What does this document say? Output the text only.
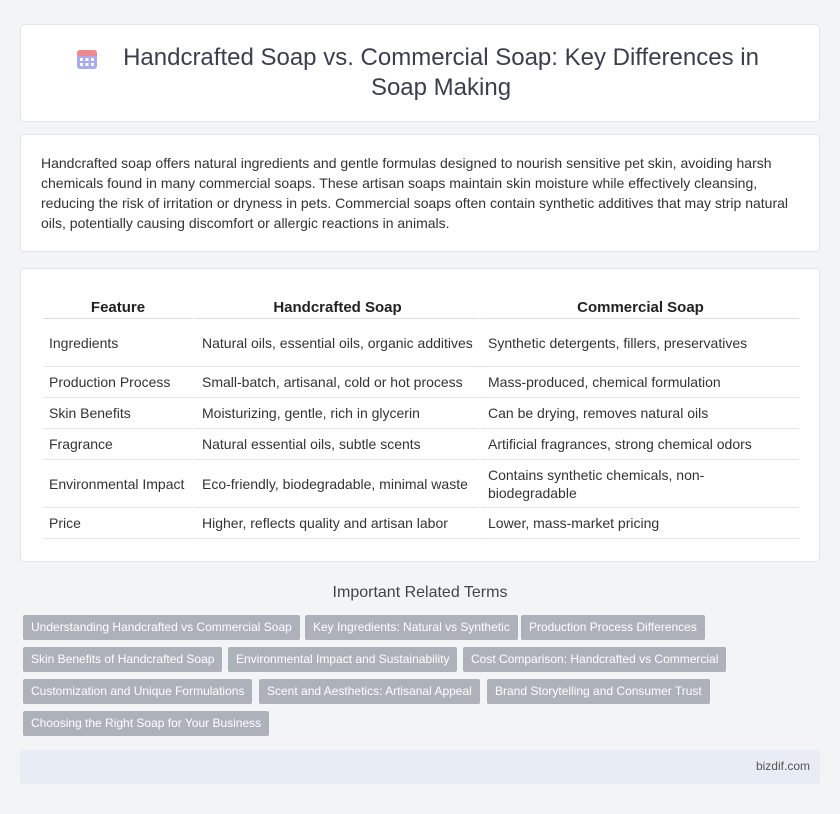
Handcrafted Soap vs. Commercial Soap: Key Differences in Soap Making

Handcrafted soap offers natural ingredients and gentle formulas designed to nourish sensitive pet skin, avoiding harsh chemicals found in many commercial soaps. These artisan soaps maintain skin moisture while effectively cleansing, reducing the risk of irritation or dryness in pets. Commercial soaps often contain synthetic additives that may strip natural oils, potentially causing discomfort or allergic reactions in animals.

Feature	Handcrafted Soap	Commercial Soap
Ingredients	Natural oils, essential oils, organic additives	Synthetic detergents, fillers, preservatives
Production Process	Small-batch, artisanal, cold or hot process	Mass-produced, chemical formulation
Skin Benefits	Moisturizing, gentle, rich in glycerin	Can be drying, removes natural oils
Fragrance	Natural essential oils, subtle scents	Artificial fragrances, strong chemical odors
Environmental Impact	Eco-friendly, biodegradable, minimal waste	Contains synthetic chemicals, non-biodegradable
Price	Higher, reflects quality and artisan labor	Lower, mass-market pricing
Important Related Terms
Understanding Handcrafted vs Commercial Soap	Key Ingredients: Natural vs Synthetic	Production Process Differences
Skin Benefits of Handcrafted Soap	Environmental Impact and Sustainability	Cost Comparison: Handcrafted vs Commercial
Customization and Unique Formulations	Scent and Aesthetics: Artisanal Appeal	Brand Storytelling and Consumer Trust
Choosing the Right Soap for Your Business
bizdif.com
